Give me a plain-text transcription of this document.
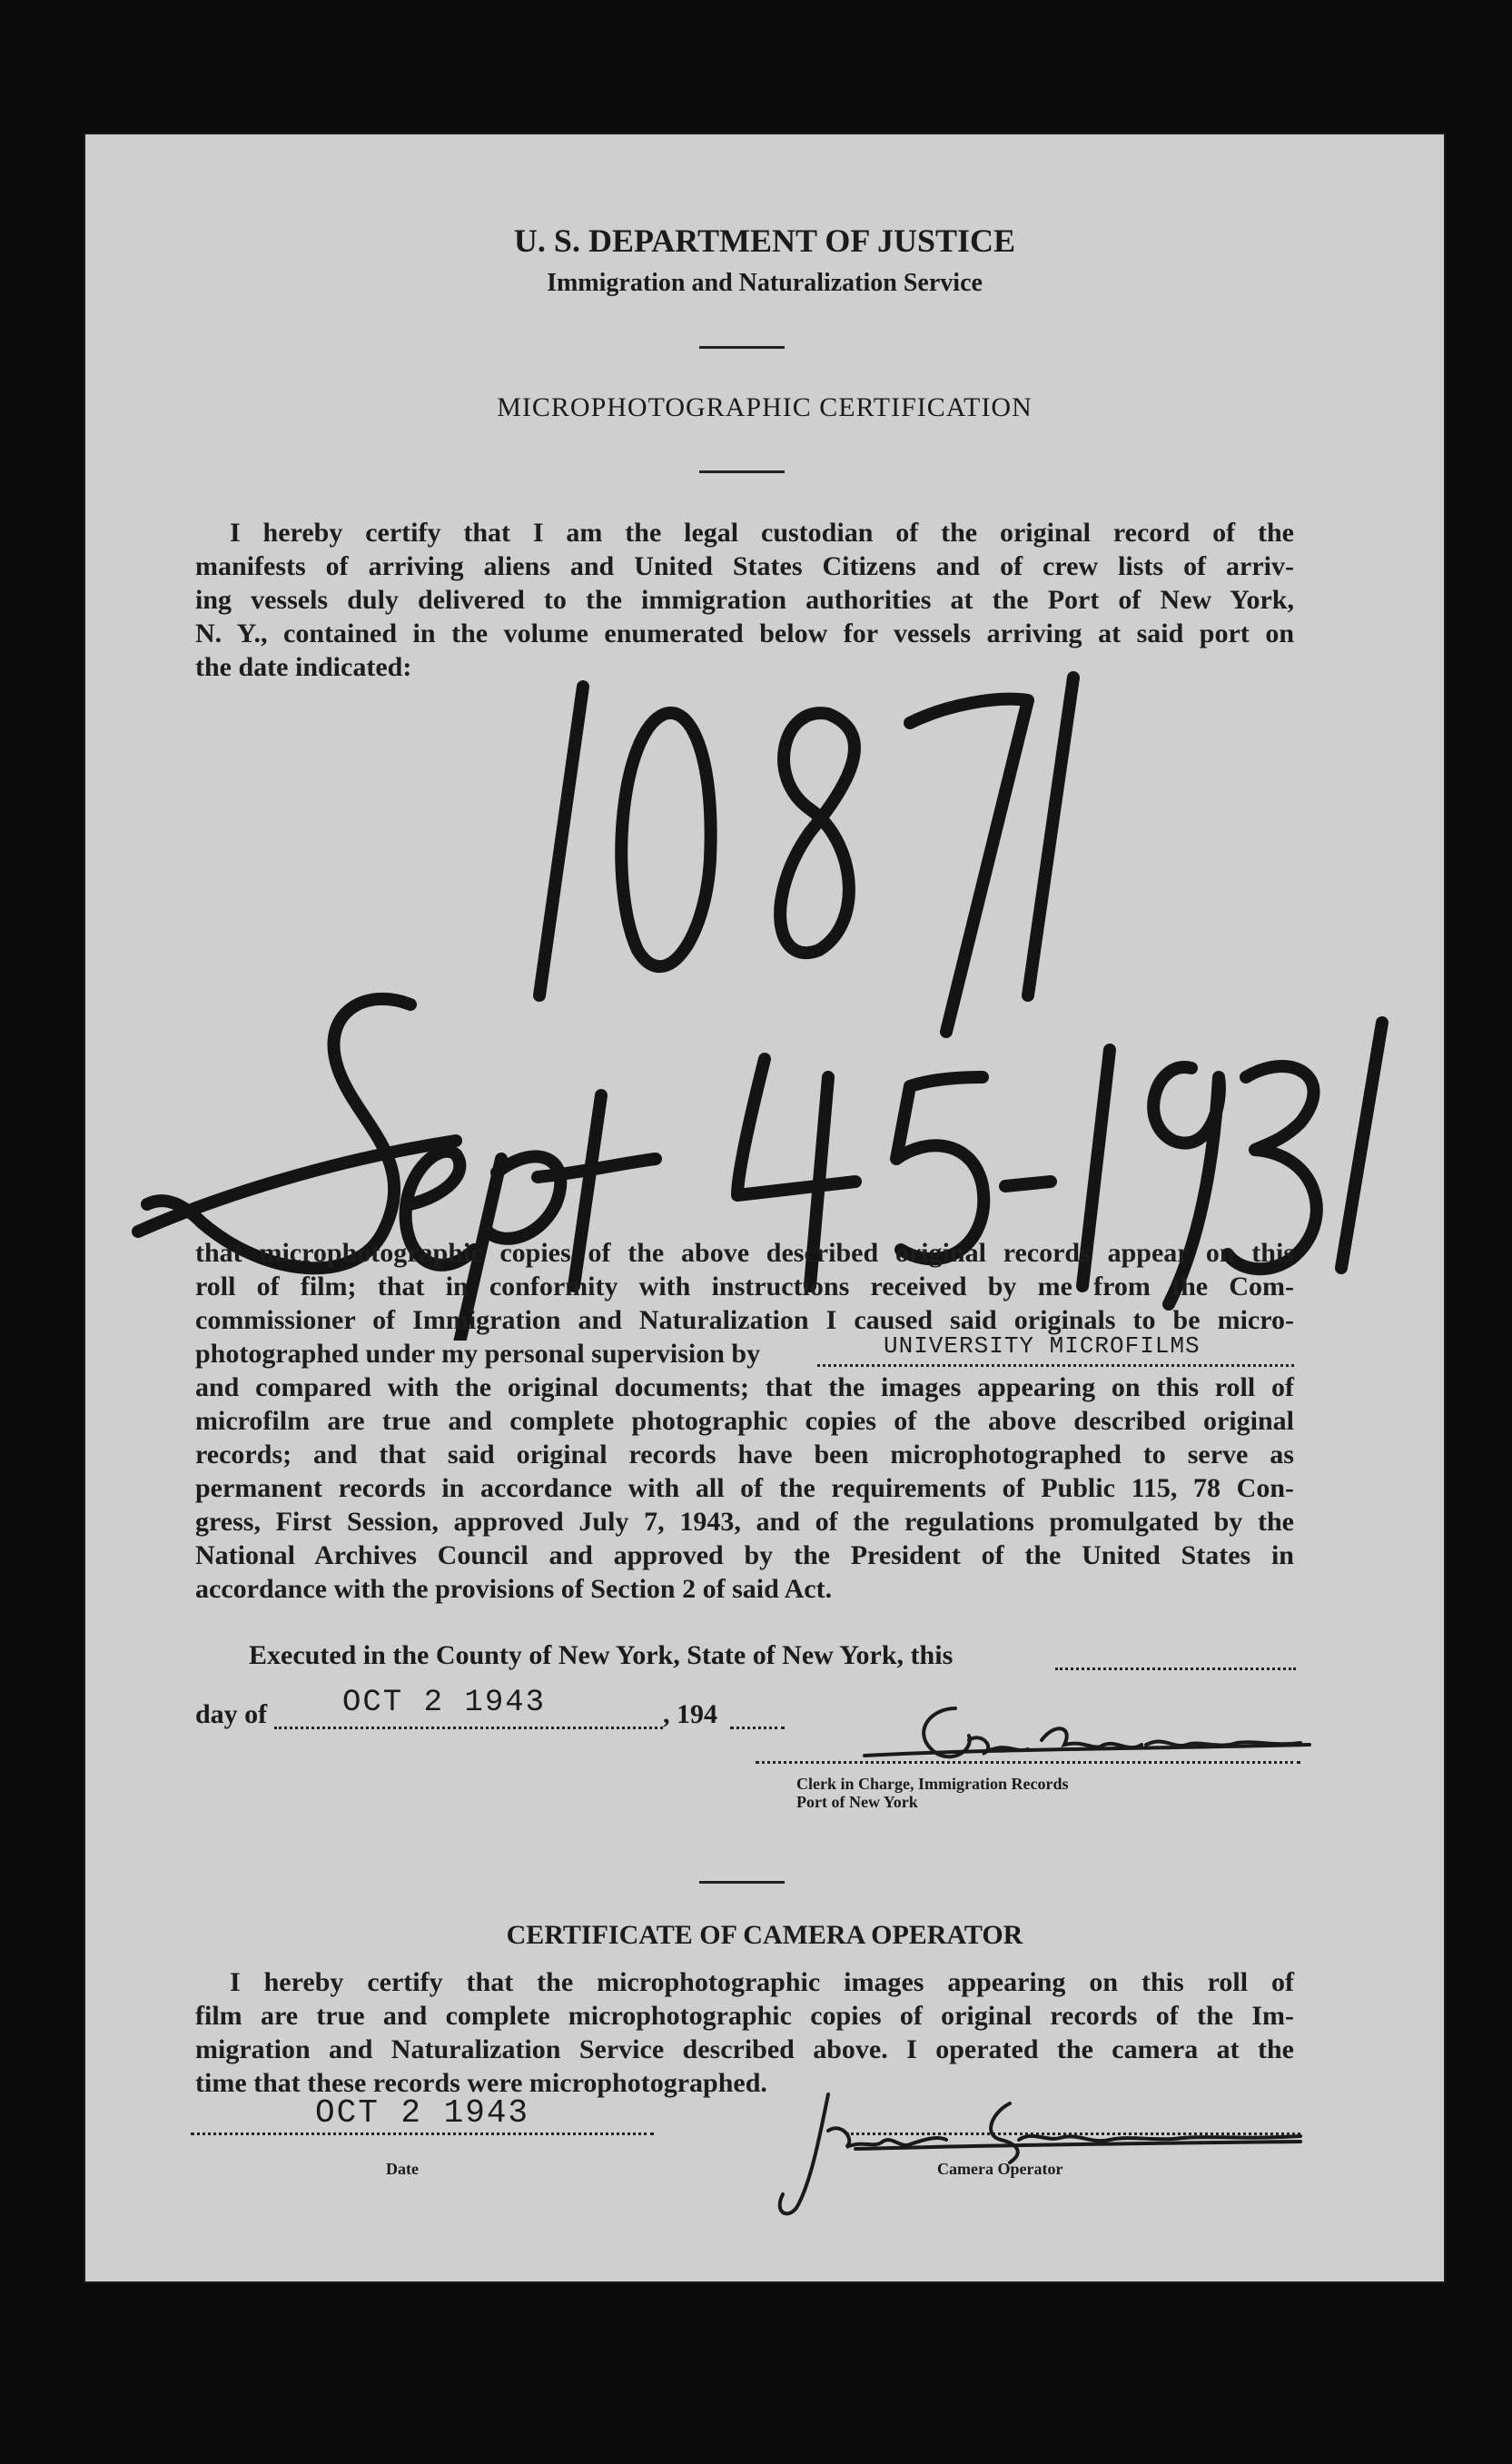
U. S. DEPARTMENT OF JUSTICE
Immigration and Naturalization Service
MICROPHOTOGRAPHIC CERTIFICATION
I hereby certify that I am the legal custodian of the original record of the
manifests of arriving aliens and United States Citizens and of crew lists of arriv-
ing vessels duly delivered to the immigration authorities at the Port of New York,
N. Y., contained in the volume enumerated below for vessels arriving at said port on
the date indicated:
that microphotographic copies of the above described original records appear on this
roll of film; that in conformity with instructions received by me from the Com-
commissioner of Immigration and Naturalization I caused said originals to be micro-
photographed under my personal supervision by	UNIVERSITY MICROFILMS
and compared with the original documents; that the images appearing on this roll of
microfilm are true and complete photographic copies of the above described original
records; and that said original records have been microphotographed to serve as
permanent records in accordance with all of the requirements of Public 115, 78 Con-
gress, First Session, approved July 7, 1943, and of the regulations promulgated by the
National Archives Council and approved by the President of the United States in
accordance with the provisions of Section 2 of said Act.
Executed in the County of New York, State of New York, this
day of OCT 2 1943	, 194
Clerk in Charge, Immigration Records
Port of New York
CERTIFICATE OF CAMERA OPERATOR
I hereby certify that the microphotographic images appearing on this roll of
film are true and complete microphotographic copies of original records of the Im-
migration and Naturalization Service described above. I operated the camera at the
time that these records were microphotographed.
OCT 2 1943
Date	Camera Operator
